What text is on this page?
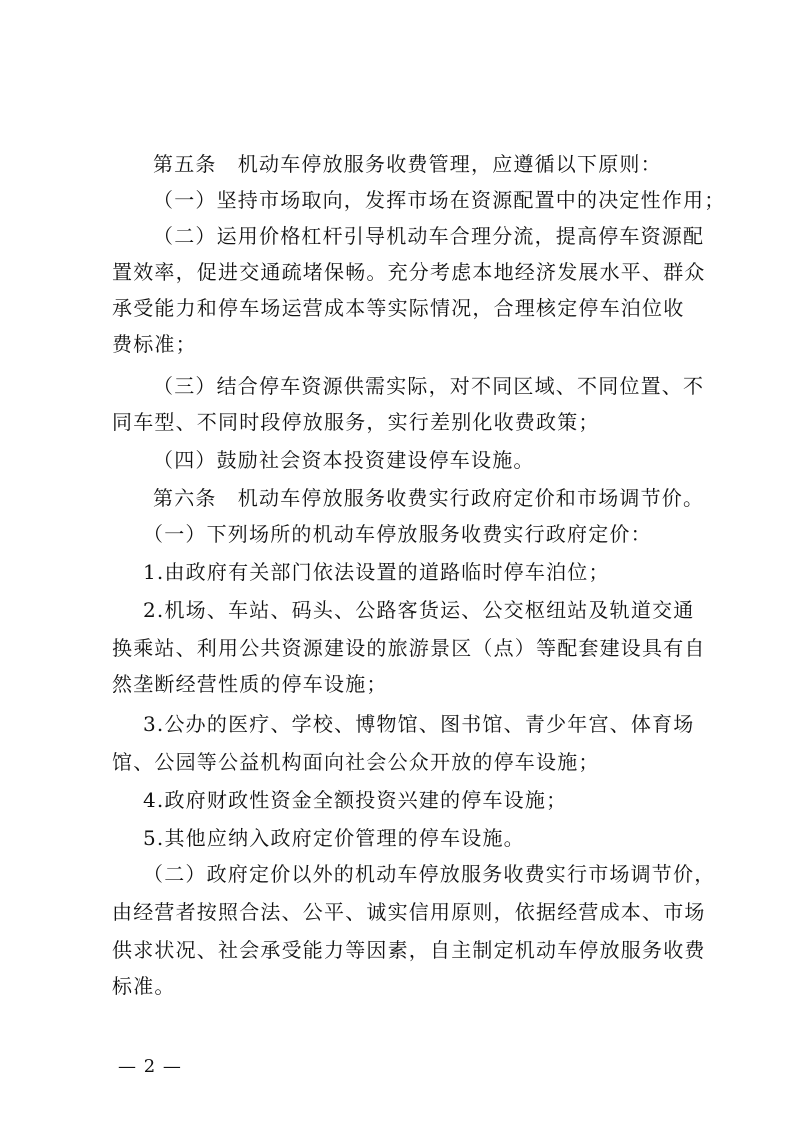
第五条　机动车停放服务收费管理，应遵循以下原则：
（一）坚持市场取向，发挥市场在资源配置中的决定性作用；
（二）运用价格杠杆引导机动车合理分流，提高停车资源配
置效率，促进交通疏堵保畅。充分考虑本地经济发展水平、群众
承受能力和停车场运营成本等实际情况，合理核定停车泊位收
费标准；
（三）结合停车资源供需实际，对不同区域、不同位置、不
同车型、不同时段停放服务，实行差别化收费政策；
（四）鼓励社会资本投资建设停车设施。
第六条　机动车停放服务收费实行政府定价和市场调节价。
（一）下列场所的机动车停放服务收费实行政府定价：
1.由政府有关部门依法设置的道路临时停车泊位；
2.机场、车站、码头、公路客货运、公交枢纽站及轨道交通
换乘站、利用公共资源建设的旅游景区（点）等配套建设具有自
然垄断经营性质的停车设施；
3.公办的医疗、学校、博物馆、图书馆、青少年宫、体育场
馆、公园等公益机构面向社会公众开放的停车设施；
4.政府财政性资金全额投资兴建的停车设施；
5.其他应纳入政府定价管理的停车设施。
（二）政府定价以外的机动车停放服务收费实行市场调节价，
由经营者按照合法、公平、诚实信用原则，依据经营成本、市场
供求状况、社会承受能力等因素，自主制定机动车停放服务收费
标准。
— 2 —
